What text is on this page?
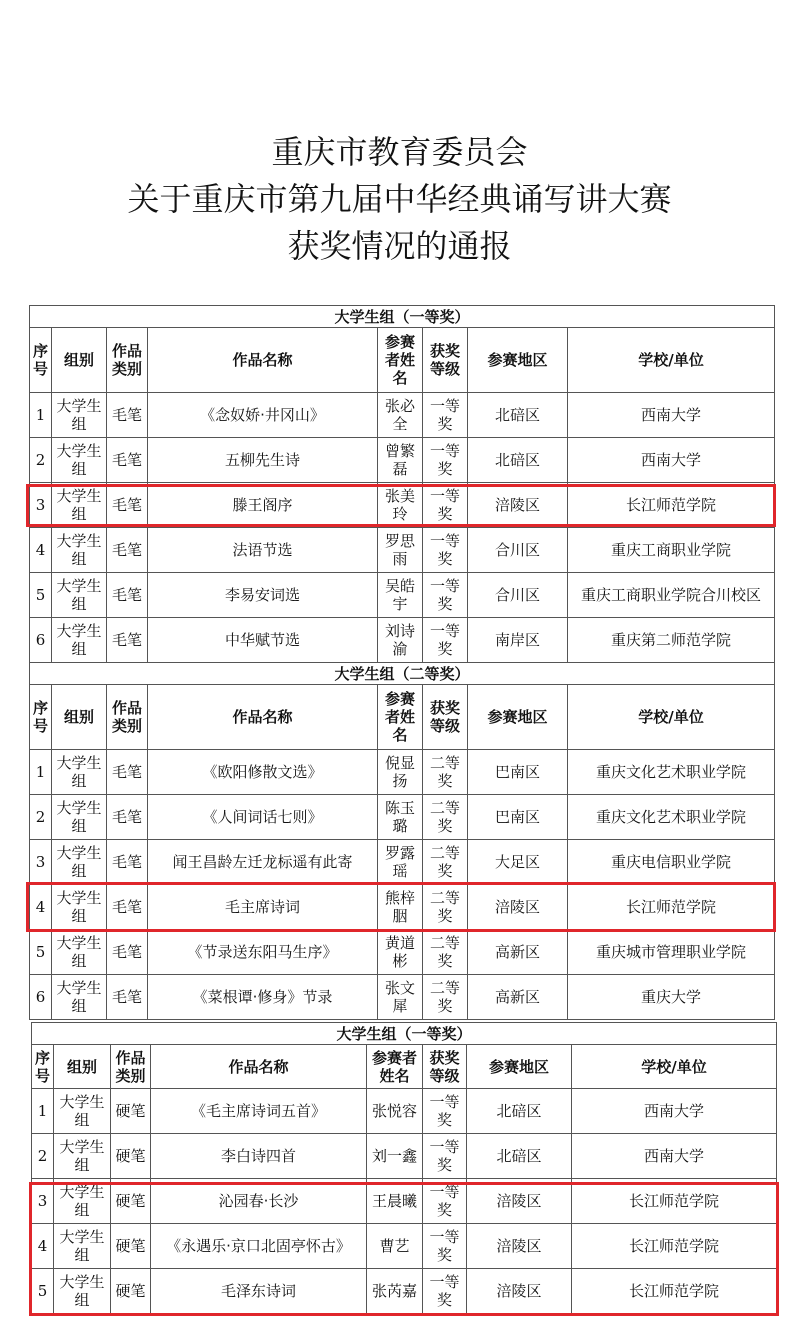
重庆市教育委员会
关于重庆市第九届中华经典诵写讲大赛
获奖情况的通报
大学生组（一等奖）							
序号	组别	作品类别	作品名称	参赛者姓名	获奖等级	参赛地区	学校/单位
1	大学生组	毛笔	《念奴娇·井冈山》	张必全	一等奖	北碚区	西南大学
2	大学生组	毛笔	五柳先生诗	曾繁磊	一等奖	北碚区	西南大学
3	大学生组	毛笔	滕王阁序	张美玲	一等奖	涪陵区	长江师范学院
4	大学生组	毛笔	法语节选	罗思雨	一等奖	合川区	重庆工商职业学院
5	大学生组	毛笔	李易安词选	吴皓宇	一等奖	合川区	重庆工商职业学院合川校区
6	大学生组	毛笔	中华赋节选	刘诗渝	一等奖	南岸区	重庆第二师范学院
大学生组（二等奖）							
序号	组别	作品类别	作品名称	参赛者姓名	获奖等级	参赛地区	学校/单位
1	大学生组	毛笔	《欧阳修散文选》	倪显扬	二等奖	巴南区	重庆文化艺术职业学院
2	大学生组	毛笔	《人间词话七则》	陈玉璐	二等奖	巴南区	重庆文化艺术职业学院
3	大学生组	毛笔	闻王昌龄左迁龙标遥有此寄	罗露瑶	二等奖	大足区	重庆电信职业学院
4	大学生组	毛笔	毛主席诗词	熊梓胭	二等奖	涪陵区	长江师范学院
5	大学生组	毛笔	《节录送东阳马生序》	黄道彬	二等奖	高新区	重庆城市管理职业学院
6	大学生组	毛笔	《菜根谭·修身》节录	张文犀	二等奖	高新区	重庆大学
大学生组（一等奖）							
序号	组别	作品类别	作品名称	参赛者姓名	获奖等级	参赛地区	学校/单位
1	大学生组	硬笔	《毛主席诗词五首》	张悦容	一等奖	北碚区	西南大学
2	大学生组	硬笔	李白诗四首	刘一鑫	一等奖	北碚区	西南大学
3	大学生组	硬笔	沁园春·长沙	王晨曦	一等奖	涪陵区	长江师范学院
4	大学生组	硬笔	《永遇乐·京口北固亭怀古》	曹艺	一等奖	涪陵区	长江师范学院
5	大学生组	硬笔	毛泽东诗词	张芮嘉	一等奖	涪陵区	长江师范学院
